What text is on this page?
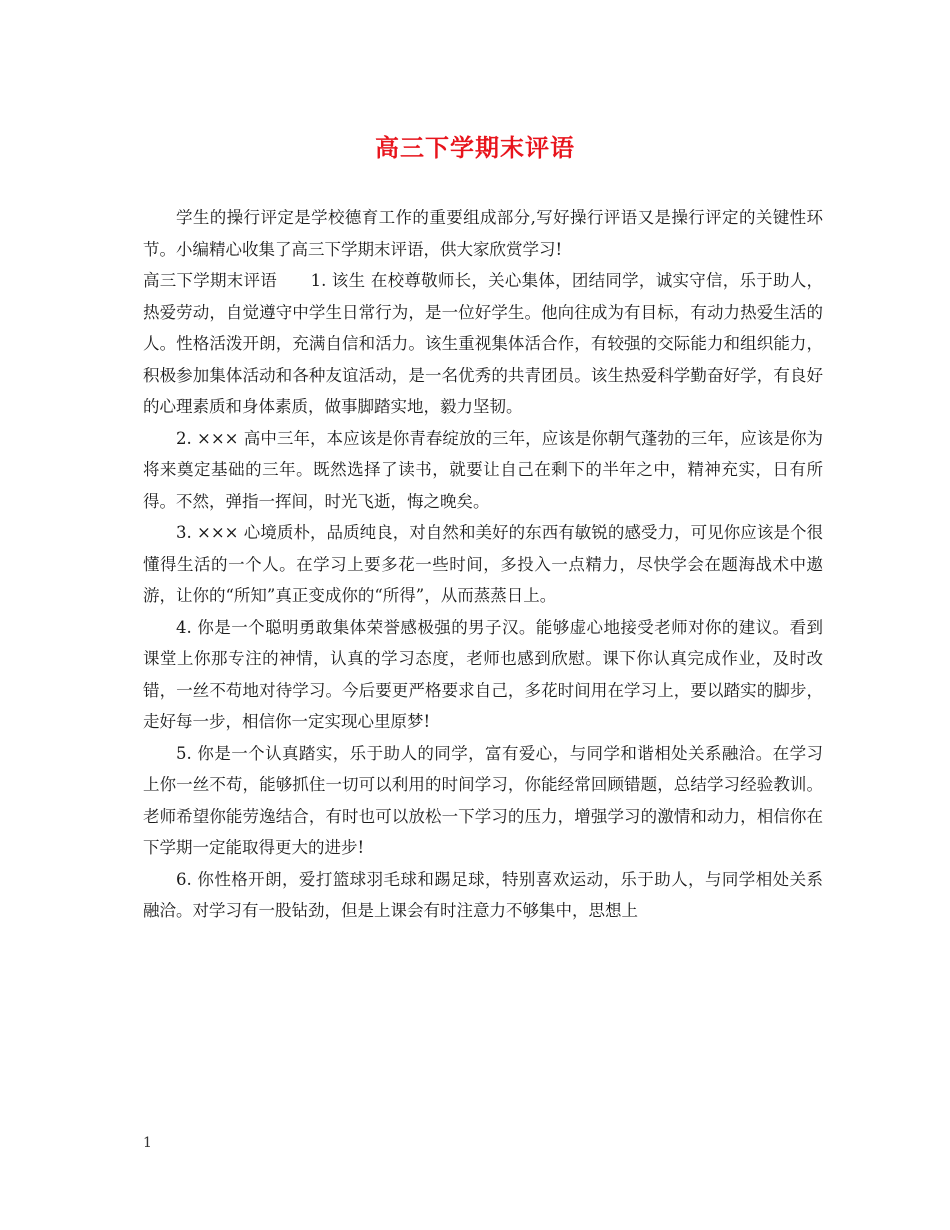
高三下学期末评语

学生的操行评定是学校德育工作的重要组成部分,写好操行评语又是操行评定的关键性环节。小编精心收集了高三下学期末评语，供大家欣赏学习!

高三下学期末评语　　1. 该生 在校尊敬师长，关心集体，团结同学，诚实守信，乐于助人，热爱劳动，自觉遵守中学生日常行为，是一位好学生。他向往成为有目标，有动力热爱生活的人。性格活泼开朗，充满自信和活力。该生重视集体活合作，有较强的交际能力和组织能力，积极参加集体活动和各种友谊活动，是一名优秀的共青团员。该生热爱科学勤奋好学，有良好的心理素质和身体素质，做事脚踏实地，毅力坚韧。

2. ××× 高中三年，本应该是你青春绽放的三年，应该是你朝气蓬勃的三年，应该是你为将来奠定基础的三年。既然选择了读书，就要让自己在剩下的半年之中，精神充实，日有所得。不然，弹指一挥间，时光飞逝，悔之晚矣。

3. ××× 心境质朴，品质纯良，对自然和美好的东西有敏锐的感受力，可见你应该是个很懂得生活的一个人。在学习上要多花一些时间，多投入一点精力，尽快学会在题海战术中遨游，让你的“所知”真正变成你的“所得”，从而蒸蒸日上。

4. 你是一个聪明勇敢集体荣誉感极强的男子汉。能够虚心地接受老师对你的建议。看到课堂上你那专注的神情，认真的学习态度，老师也感到欣慰。课下你认真完成作业，及时改错，一丝不苟地对待学习。今后要更严格要求自己，多花时间用在学习上，要以踏实的脚步，走好每一步，相信你一定实现心里原梦!

5. 你是一个认真踏实，乐于助人的同学，富有爱心，与同学和谐相处关系融洽。在学习上你一丝不苟，能够抓住一切可以利用的时间学习，你能经常回顾错题，总结学习经验教训。老师希望你能劳逸结合，有时也可以放松一下学习的压力，增强学习的激情和动力，相信你在下学期一定能取得更大的进步!

6. 你性格开朗，爱打篮球羽毛球和踢足球，特别喜欢运动，乐于助人，与同学相处关系融洽。对学习有一股钻劲，但是上课会有时注意力不够集中，思想上

1
